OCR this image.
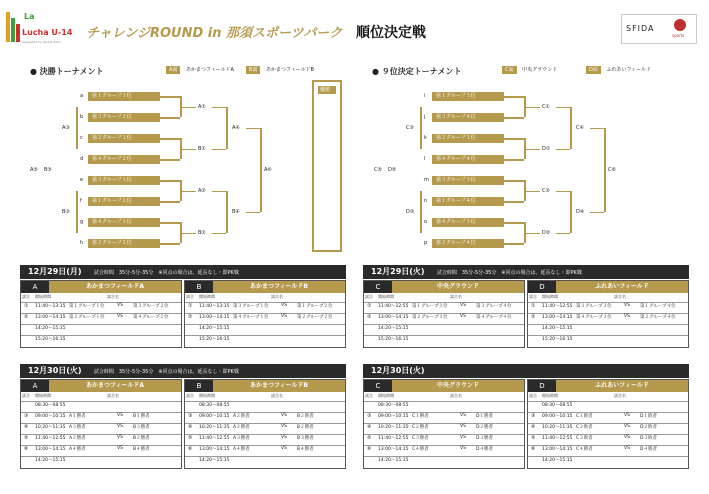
La
Lucha U-14
Presented by adidas 2021
チャレンジROUND in 那須スポーツパーク 順位決定戦	SFIDA
sports
● 決勝トーナメント	A面 あかまつフィールドA	B面 あかまつフィールドB
優勝
a	第１グループ１位
b	第３グループ２位
c	第２グループ１位
d	第４グループ２位
e	第３グループ１位
f	第１グループ２位
g	第４グループ１位
h	第２グループ２位
A①
B①
A②
B②
A④
B④
A⑥
A③
B③
A⑤ B⑤
● ９位決定トーナメント	C面 中央グラウンド	D面 ふれあいフィールド
i	第１グループ３位
j	第３グループ４位
k	第２グループ３位
l	第４グループ４位
m	第３グループ３位
n	第１グループ４位
o	第４グループ３位
p	第２グループ４位
C①
D①
C②
D②
C④
D④
C⑥
C③
D③
C⑤ D⑤
12月29日(月) 試合時間　35分-5分-35分　※同点の場合は、延長なし・即PK戦	12月29日(火) 試合時間　35分-5分-35分　※同点の場合は、延長なし・即PK戦
A	あかまつフィールドA
試合 開始時間	試合名
① 11:40〜13:15 第１グループ１位	VS 第３グループ２位
② 13:00〜14:15 第２グループ１位	VS 第４グループ２位
14:20〜15:15
15:20〜16:15
B	あかまつフィールドB
試合 開始時間	試合名
① 11:40〜13:15 第３グループ１位	VS 第１グループ２位
② 13:00〜14:15 第４グループ１位	VS 第２グループ２位
14:20〜15:15
15:20〜16:15
C	中央グラウンド
試合 開始時間	試合名
① 11:40〜12:55 第１グループ３位	VS 第３グループ４位
② 13:00〜14:15 第２グループ３位	VS 第４グループ４位
14:20〜15:15
15:20〜16:15
D	ふれあいフィールド
試合 開始時間	試合名
① 11:40〜12:55 第３グループ３位	VS 第１グループ４位
② 13:00〜14:15 第４グループ３位	VS 第２グループ４位
14:20〜15:15
15:20〜16:15
12月30日(火) 試合時間　35分-5分-35分　※同点の場合は、延長なし・即PK戦	12月30日(火)
A	あかまつフィールドA
試合 開始時間	試合名
08:30〜08:55
③ 09:00〜10:15 A１勝者	VS B１勝者
④ 10:20〜11:35 A３勝者	VS B３勝者
⑤ 11:40〜12:55 A２勝者	VS B２勝者
⑥ 13:00〜14:15 A４勝者	VS B４勝者
14:20〜15:15
B	あかまつフィールドB
試合 開始時間	試合名
08:30〜08:55
③ 09:00〜10:15 A２敗者	VS B２敗者
④ 10:20〜11:35 A２勝者	VS B２勝者
⑤ 11:40〜12:55 A３勝者	VS B３勝者
⑥ 13:00〜14:15 A４勝者	VS B４勝者
14:20〜15:15
C	中央グラウンド
試合 開始時間	試合名
08:30〜08:55
③ 09:00〜10:15 C１勝者	VS D１勝者
④ 10:20〜11:35 C２勝者	VS D２勝者
⑤ 11:40〜12:55 C３勝者	VS D３勝者
⑥ 13:00〜14:15 C４勝者	VS D４勝者
14:20〜15:15
D	ふれあいフィールド
試合 開始時間	試合名
08:30〜08:55
③ 09:00〜10:15 C１敗者	VS D１敗者
④ 10:20〜11:35 C２敗者	VS D２敗者
⑤ 11:40〜12:55 C３敗者	VS D３敗者
⑥ 13:00〜14:15 C４勝者	VS D４勝者
14:20〜15:15
